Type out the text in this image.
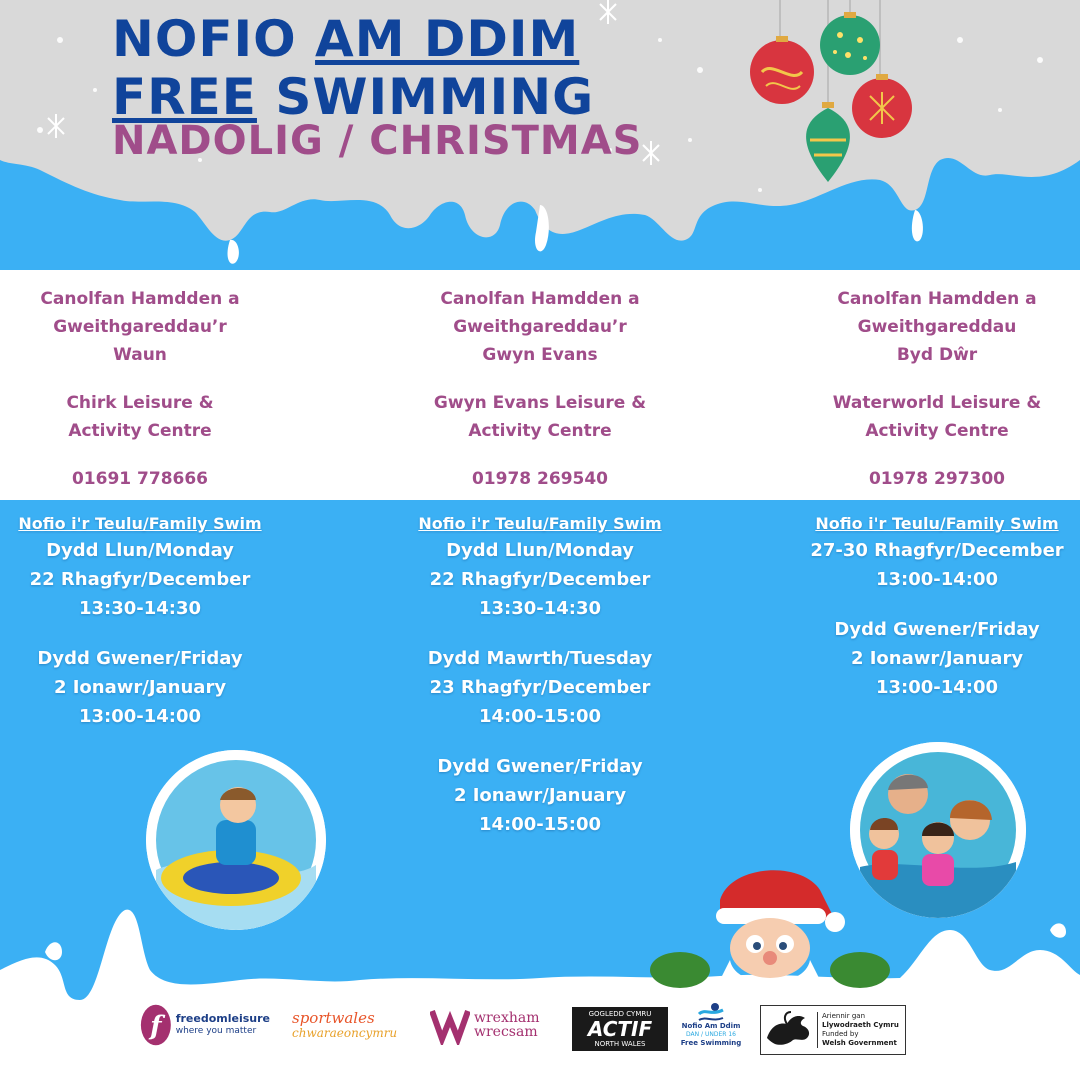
NOFIO AM DDIM
FREE SWIMMING
NADOLIG / CHRISTMAS
Canolfan Hamdden a
Gweithgareddau’r
Waun
Chirk Leisure &
Activity Centre
01691 778666
Canolfan Hamdden a
Gweithgareddau’r
Gwyn Evans
Gwyn Evans Leisure &
Activity Centre
01978 269540
Canolfan Hamdden a
Gweithgareddau
Byd Dŵr
Waterworld Leisure &
Activity Centre
01978 297300
Nofio i'r Teulu/Family Swim
Dydd Llun/Monday
22 Rhagfyr/December
13:30-14:30
Dydd Gwener/Friday
2 Ionawr/January
13:00-14:00
Nofio i'r Teulu/Family Swim
Dydd Llun/Monday
22 Rhagfyr/December
13:30-14:30
Dydd Mawrth/Tuesday
23 Rhagfyr/December
14:00-15:00
Dydd Gwener/Friday
2 Ionawr/January
14:00-15:00
Nofio i'r Teulu/Family Swim
27-30 Rhagfyr/December
13:00-14:00
Dydd Gwener/Friday
2 Ionawr/January
13:00-14:00
f	freedomleisure
where you matter
sportwales
chwaraeoncymru
wrexham
wrecsam
GOGLEDD CYMRU
ACTIF
NORTH WALES
Nofio Am Ddim
DAN / UNDER 16
Free Swimming
Ariennir gan
Llywodraeth Cymru
Funded by
Welsh Government
